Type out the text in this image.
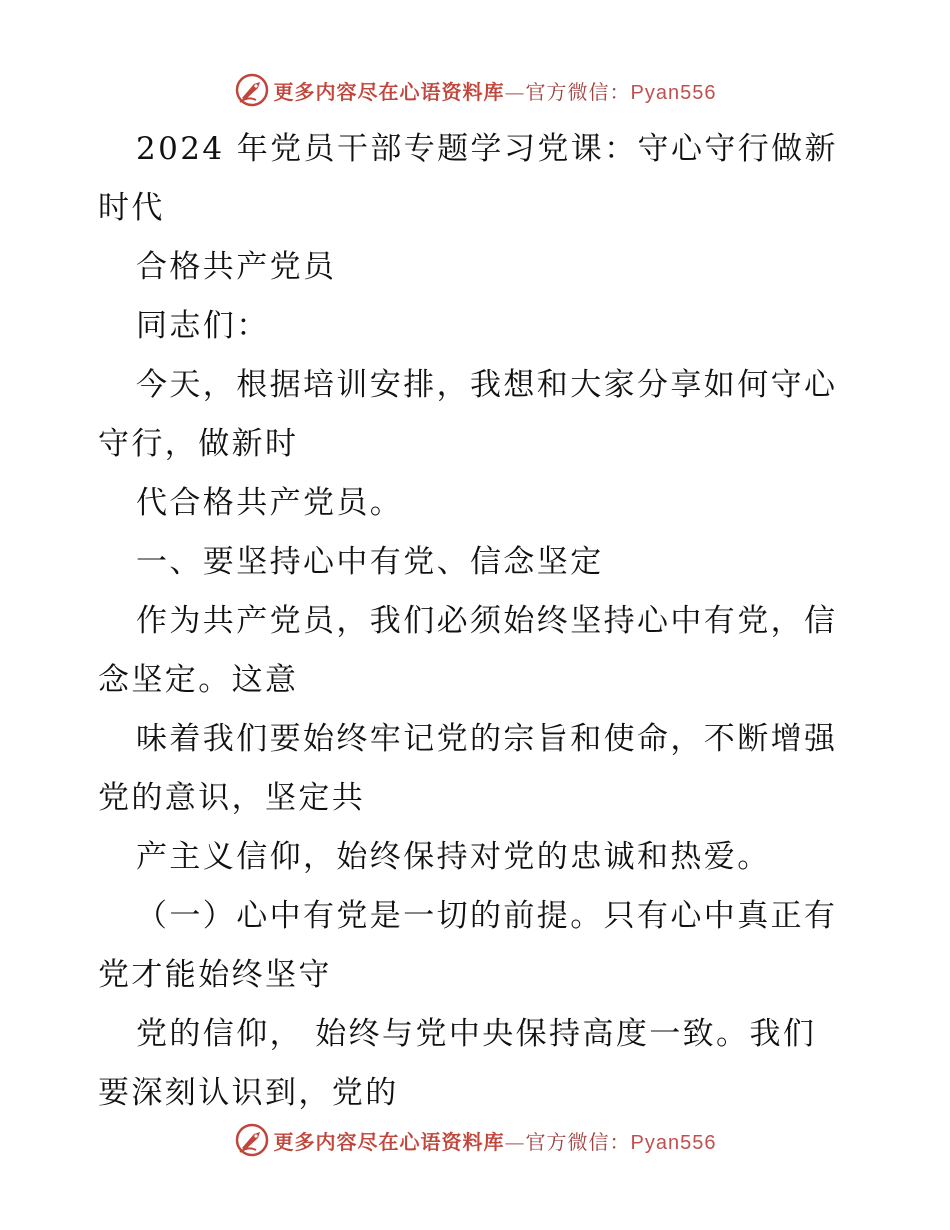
更多内容尽在心语资料库—官方微信：Pyan556
2024 年党员干部专题学习党课：守心守行做新
时代
合格共产党员
同志们：
今天，根据培训安排，我想和大家分享如何守心
守行，做新时
代合格共产党员。
一、要坚持心中有党、信念坚定
作为共产党员，我们必须始终坚持心中有党，信
念坚定。这意
味着我们要始终牢记党的宗旨和使命，不断增强
党的意识，坚定共
产主义信仰，始终保持对党的忠诚和热爱。
（一）心中有党是一切的前提。只有心中真正有
党才能始终坚守
党的信仰， 始终与党中央保持高度一致。我们
要深刻认识到，党的
更多内容尽在心语资料库—官方微信：Pyan556
